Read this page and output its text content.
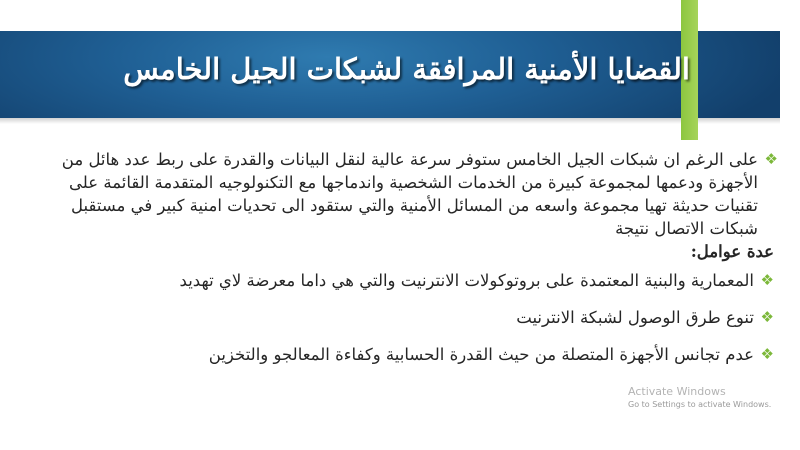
القضايا الأمنية المرافقة لشبكات الجيل الخامس

❖
على الرغم ان شبكات الجيل الخامس ستوفر سرعة عالية لنقل البيانات والقدرة على ربط عدد هائل من الأجهزة ودعمها لمجموعة كبيرة من الخدمات الشخصية واندماجها مع التكنولوجيه المتقدمة القائمة على تقنيات حديثة تهيا مجموعة واسعه من المسائل الأمنية والتي ستقود الى تحديات امنية كبير في مستقبل شبكات الاتصال نتيجة

عدة عوامل:

❖
المعمارية والبنية المعتمدة على بروتوكولات الانترنيت والتي هي داما معرضة لاي تهديد
❖
تنوع طرق الوصول لشبكة الانترنيت
❖
عدم تجانس الأجهزة المتصلة من حيث القدرة الحسابية وكفاءة المعالجو والتخزين
Activate Windows
Go to Settings to activate Windows.
